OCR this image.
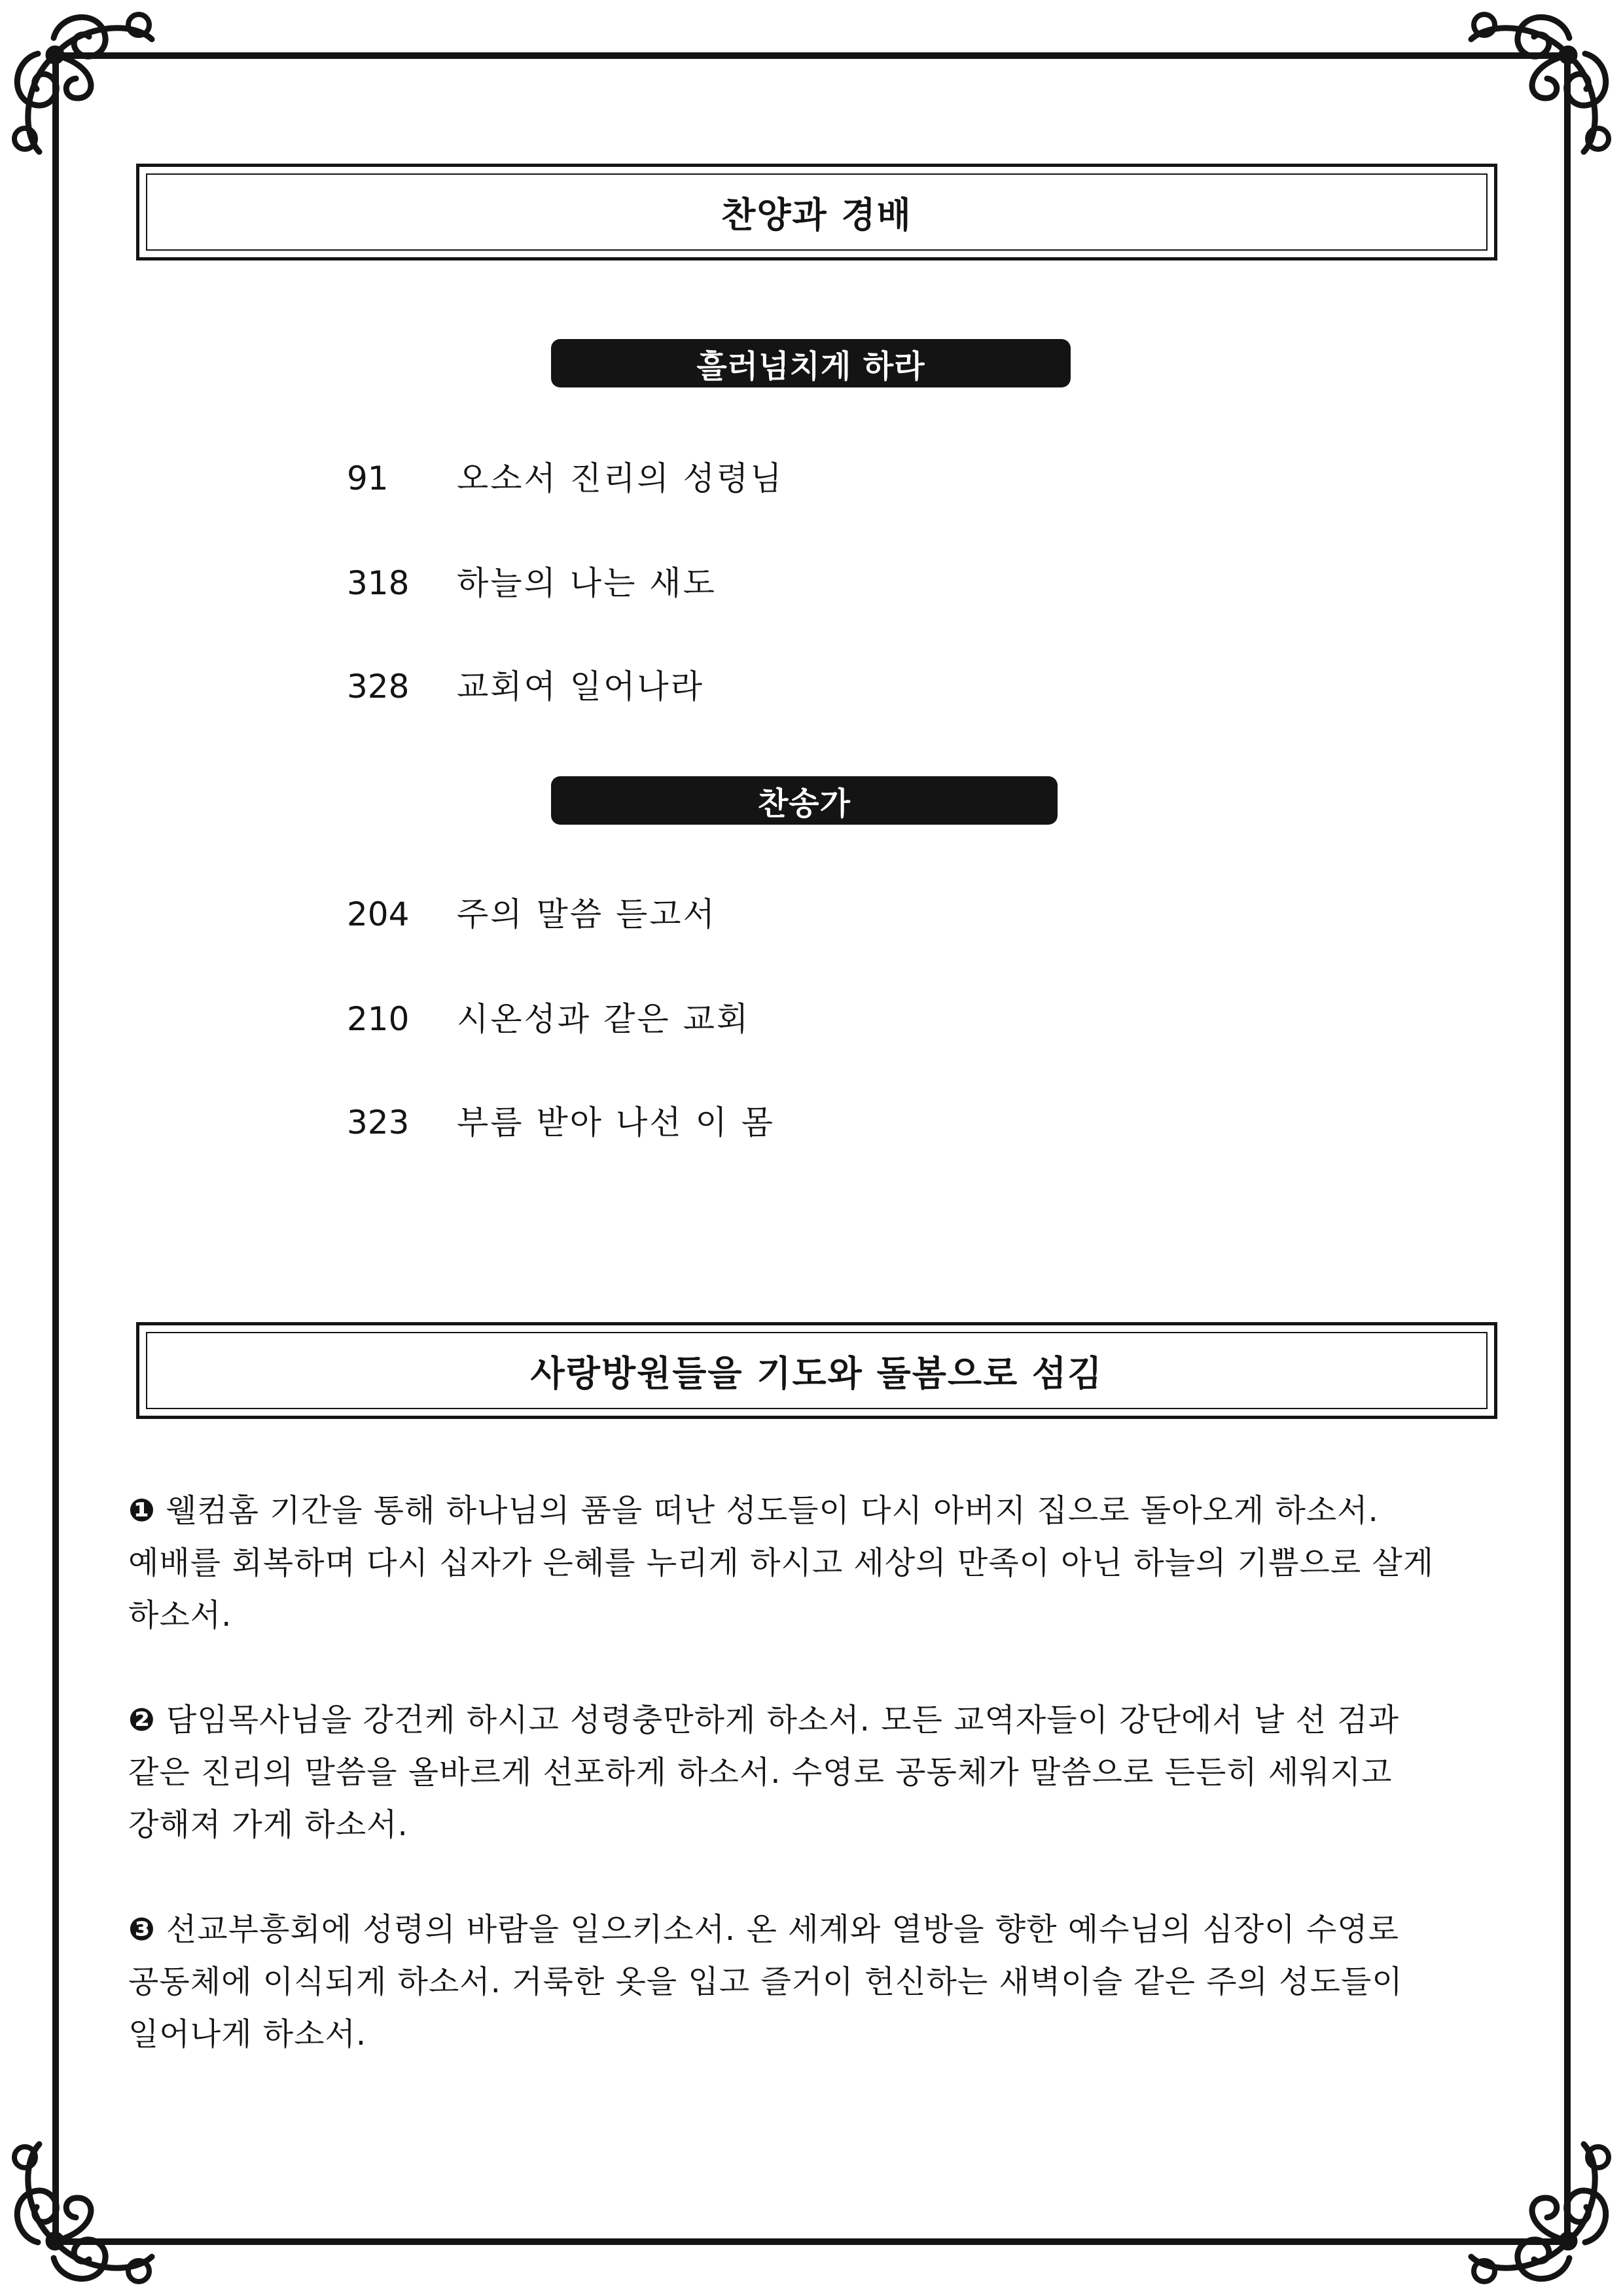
찬양과 경배
흘러넘치게 하라
91	오소서 진리의 성령님
318	하늘의 나는 새도
328	교회여 일어나라
찬송가
204	주의 말씀 듣고서
210	시온성과 같은 교회
323	부름 받아 나선 이 몸
사랑방원들을 기도와 돌봄으로 섬김
❶ 웰컴홈 기간을 통해 하나님의 품을 떠난 성도들이 다시 아버지 집으로 돌아오게 하소서.
예배를 회복하며 다시 십자가 은혜를 누리게 하시고 세상의 만족이 아닌 하늘의 기쁨으로 살게
하소서.
❷ 담임목사님을 강건케 하시고 성령충만하게 하소서. 모든 교역자들이 강단에서 날 선 검과
같은 진리의 말씀을 올바르게 선포하게 하소서. 수영로 공동체가 말씀으로 든든히 세워지고
강해져 가게 하소서.
❸ 선교부흥회에 성령의 바람을 일으키소서. 온 세계와 열방을 향한 예수님의 심장이 수영로
공동체에 이식되게 하소서. 거룩한 옷을 입고 즐거이 헌신하는 새벽이슬 같은 주의 성도들이
일어나게 하소서.
